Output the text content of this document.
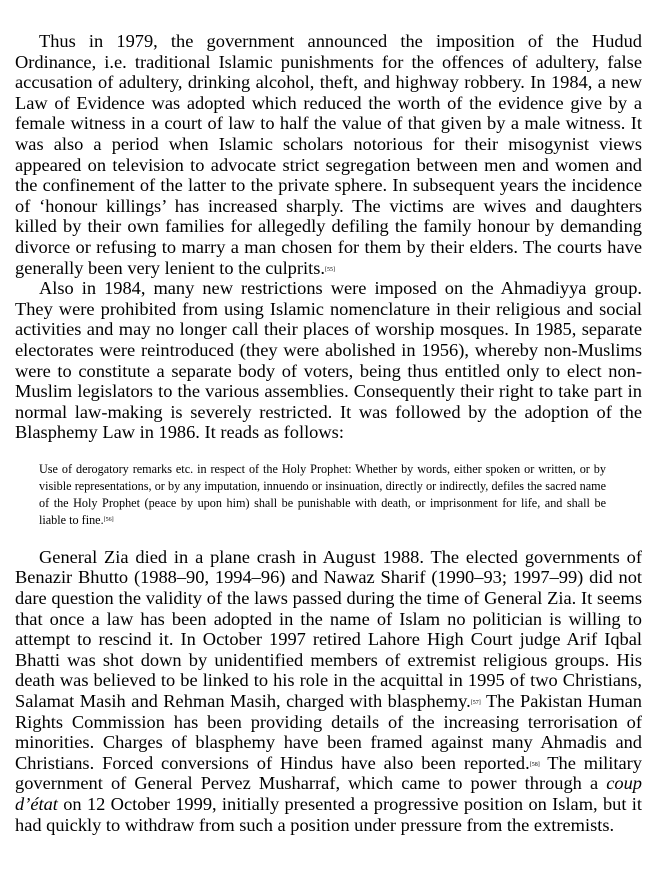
Thus in 1979, the government announced the imposition of the Hudud Ordinance, i.e. traditional Islamic punishments for the offences of adultery, false accusation of adultery, drinking alcohol, theft, and highway robbery. In 1984, a new Law of Evidence was adopted which reduced the worth of the evidence give by a female witness in a court of law to half the value of that given by a male witness. It was also a period when Islamic scholars notorious for their misogynist views appeared on television to advocate strict segregation between men and women and the confinement of the latter to the private sphere. In subsequent years the incidence of ‘honour killings’ has increased sharply. The victims are wives and daughters killed by their own families for allegedly defiling the family honour by demanding divorce or refusing to marry a man chosen for them by their elders. The courts have generally been very lenient to the culprits.[55]

Also in 1984, many new restrictions were imposed on the Ahmadiyya group. They were prohibited from using Islamic nomenclature in their religious and social activities and may no longer call their places of worship mosques. In 1985, separate electorates were reintroduced (they were abolished in 1956), whereby non-Muslims were to constitute a separate body of voters, being thus entitled only to elect non-Muslim legislators to the various assemblies. Consequently their right to take part in normal law-making is severely restricted. It was followed by the adoption of the Blasphemy Law in 1986. It reads as follows:

Use of derogatory remarks etc. in respect of the Holy Prophet: Whether by words, either spoken or written, or by visible representations, or by any imputation, innuendo or insinuation, directly or indirectly, defiles the sacred name of the Holy Prophet (peace by upon him) shall be punishable with death, or imprisonment for life, and shall be liable to fine.[56]

General Zia died in a plane crash in August 1988. The elected governments of Benazir Bhutto (1988–90, 1994–96) and Nawaz Sharif (1990–93; 1997–99) did not dare question the validity of the laws passed during the time of General Zia. It seems that once a law has been adopted in the name of Islam no politician is willing to attempt to rescind it. In October 1997 retired Lahore High Court judge Arif Iqbal Bhatti was shot down by unidentified members of extremist religious groups. His death was believed to be linked to his role in the acquittal in 1995 of two Christians, Salamat Masih and Rehman Masih, charged with blasphemy.[57] The Pakistan Human Rights Commission has been providing details of the increasing terrorisation of minorities. Charges of blasphemy have been framed against many Ahmadis and Christians. Forced conversions of Hindus have also been reported.[58] The military government of General Pervez Musharraf, which came to power through a coup d’état on 12 October 1999, initially presented a progressive position on Islam, but it had quickly to withdraw from such a position under pressure from the extremists.
